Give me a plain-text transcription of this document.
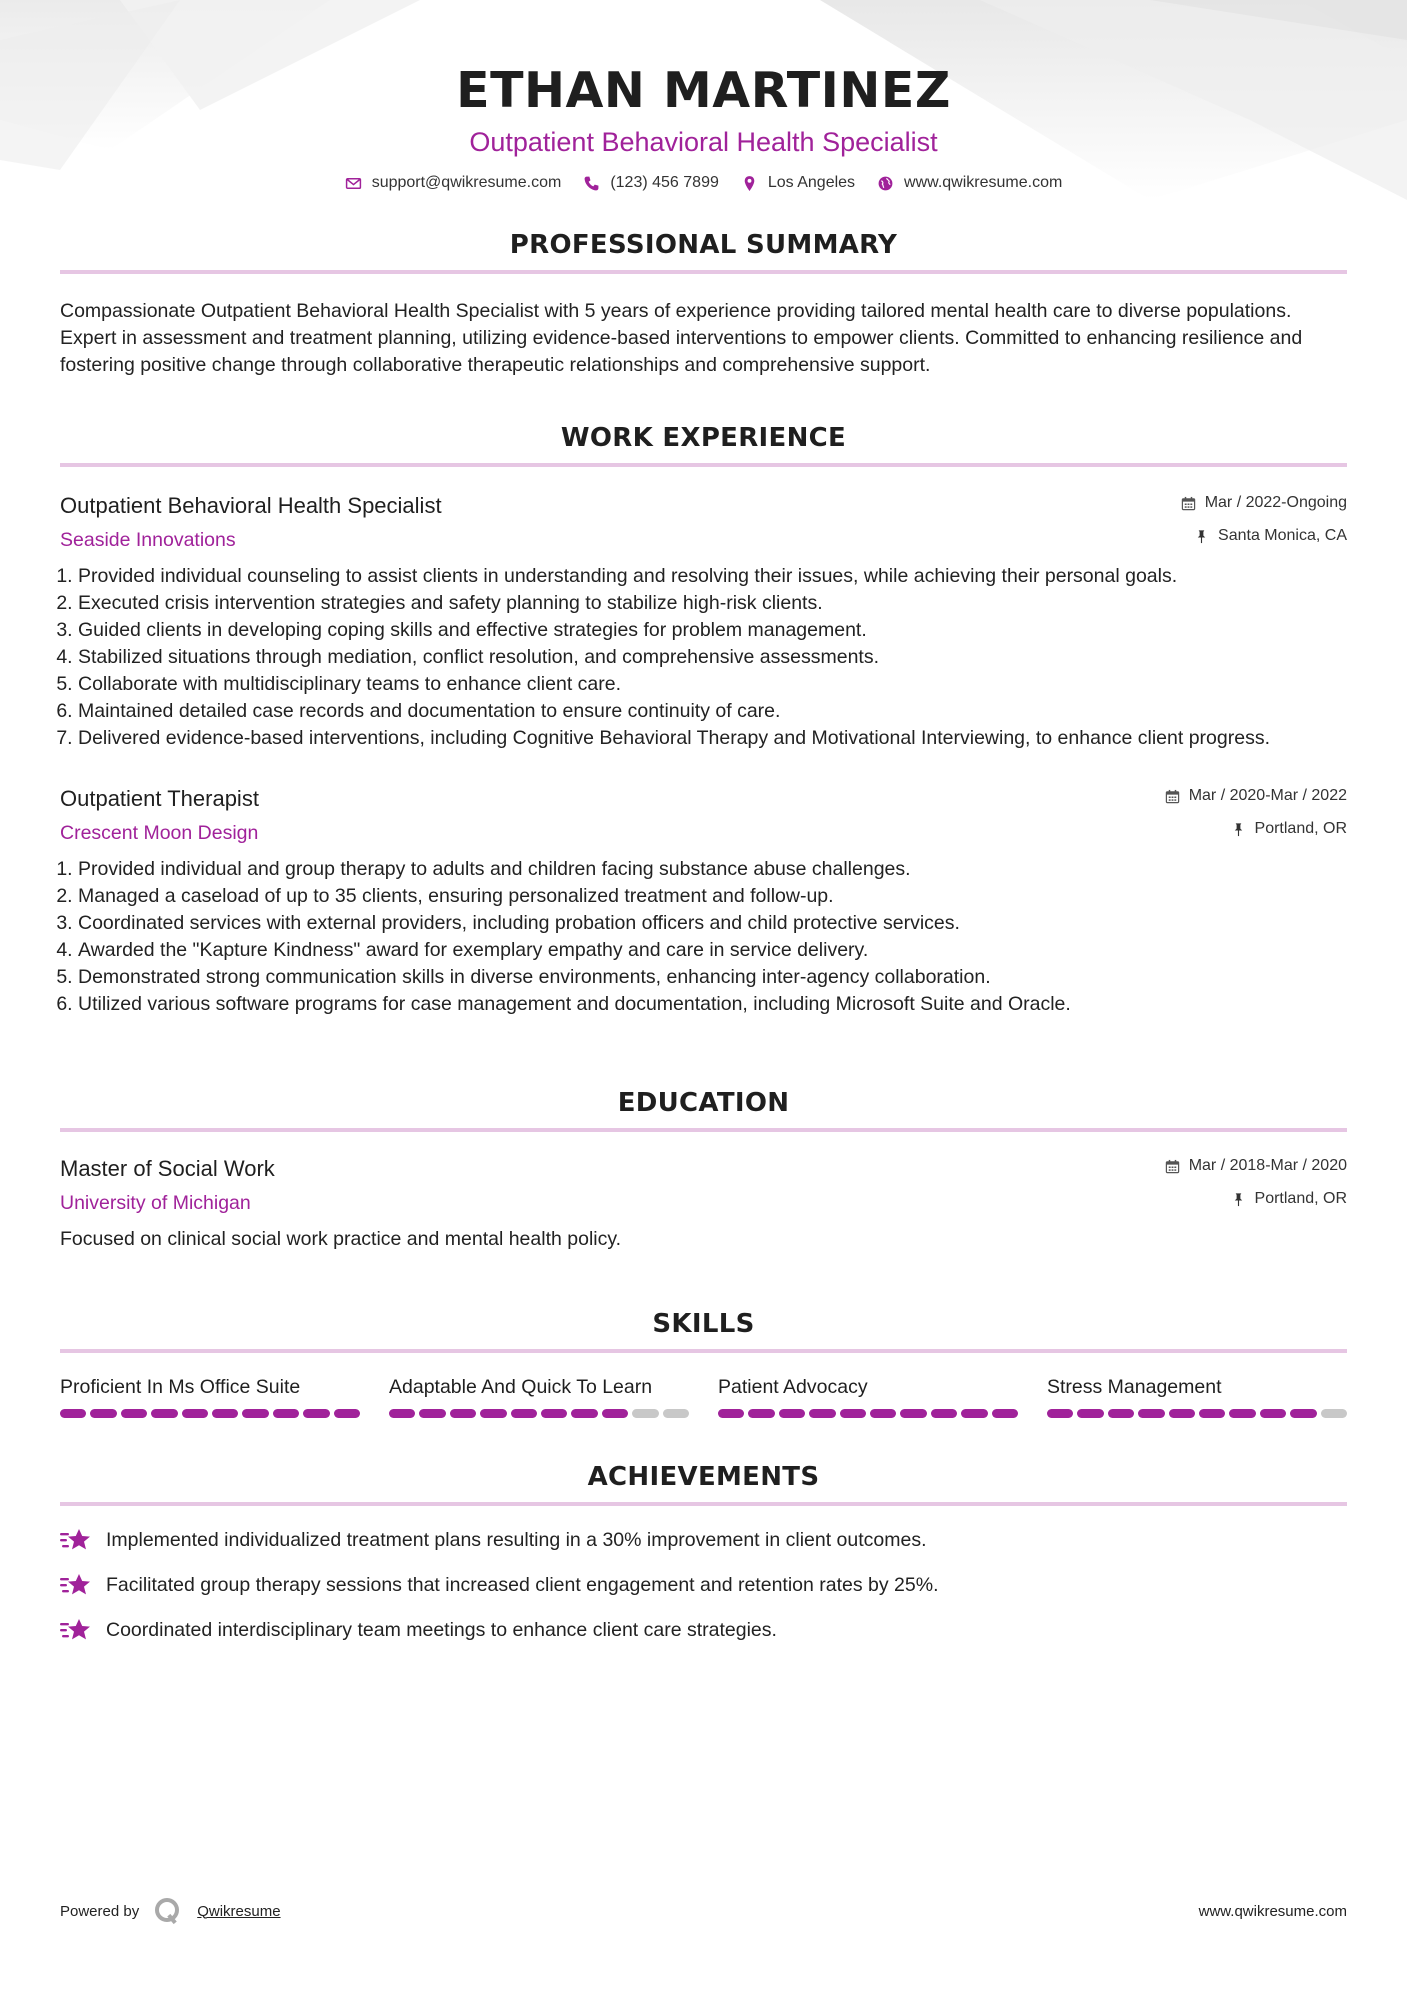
ETHAN MARTINEZ
Outpatient Behavioral Health Specialist
support@qwikresume.com	(123) 456 7899	Los Angeles	www.qwikresume.com
PROFESSIONAL SUMMARY

Compassionate Outpatient Behavioral Health Specialist with 5 years of experience providing tailored mental health care to diverse populations. Expert in assessment and treatment planning, utilizing evidence-based interventions to empower clients. Committed to enhancing resilience and fostering positive change through collaborative therapeutic relationships and comprehensive support.

WORK EXPERIENCE
Outpatient Behavioral Health Specialist
Seaside Innovations
Mar / 2022-Ongoing
Santa Monica, CA
1. Provided individual counseling to assist clients in understanding and resolving their issues, while achieving their personal goals.
2. Executed crisis intervention strategies and safety planning to stabilize high-risk clients.
3. Guided clients in developing coping skills and effective strategies for problem management.
4. Stabilized situations through mediation, conflict resolution, and comprehensive assessments.
5. Collaborate with multidisciplinary teams to enhance client care.
6. Maintained detailed case records and documentation to ensure continuity of care.
7. Delivered evidence-based interventions, including Cognitive Behavioral Therapy and Motivational Interviewing, to enhance client progress.
Outpatient Therapist
Crescent Moon Design
Mar / 2020-Mar / 2022
Portland, OR
1. Provided individual and group therapy to adults and children facing substance abuse challenges.
2. Managed a caseload of up to 35 clients, ensuring personalized treatment and follow-up.
3. Coordinated services with external providers, including probation officers and child protective services.
4. Awarded the "Kapture Kindness" award for exemplary empathy and care in service delivery.
5. Demonstrated strong communication skills in diverse environments, enhancing inter-agency collaboration.
6. Utilized various software programs for case management and documentation, including Microsoft Suite and Oracle.
EDUCATION
Master of Social Work
University of Michigan
Mar / 2018-Mar / 2020
Portland, OR

Focused on clinical social work practice and mental health policy.

SKILLS
Proficient In Ms Office Suite	Adaptable And Quick To Learn	Patient Advocacy	Stress Management
ACHIEVEMENTS
Implemented individualized treatment plans resulting in a 30% improvement in client outcomes.
Facilitated group therapy sessions that increased client engagement and retention rates by 25%.
Coordinated interdisciplinary team meetings to enhance client care strategies.
Powered by	Qwikresume	www.qwikresume.com
